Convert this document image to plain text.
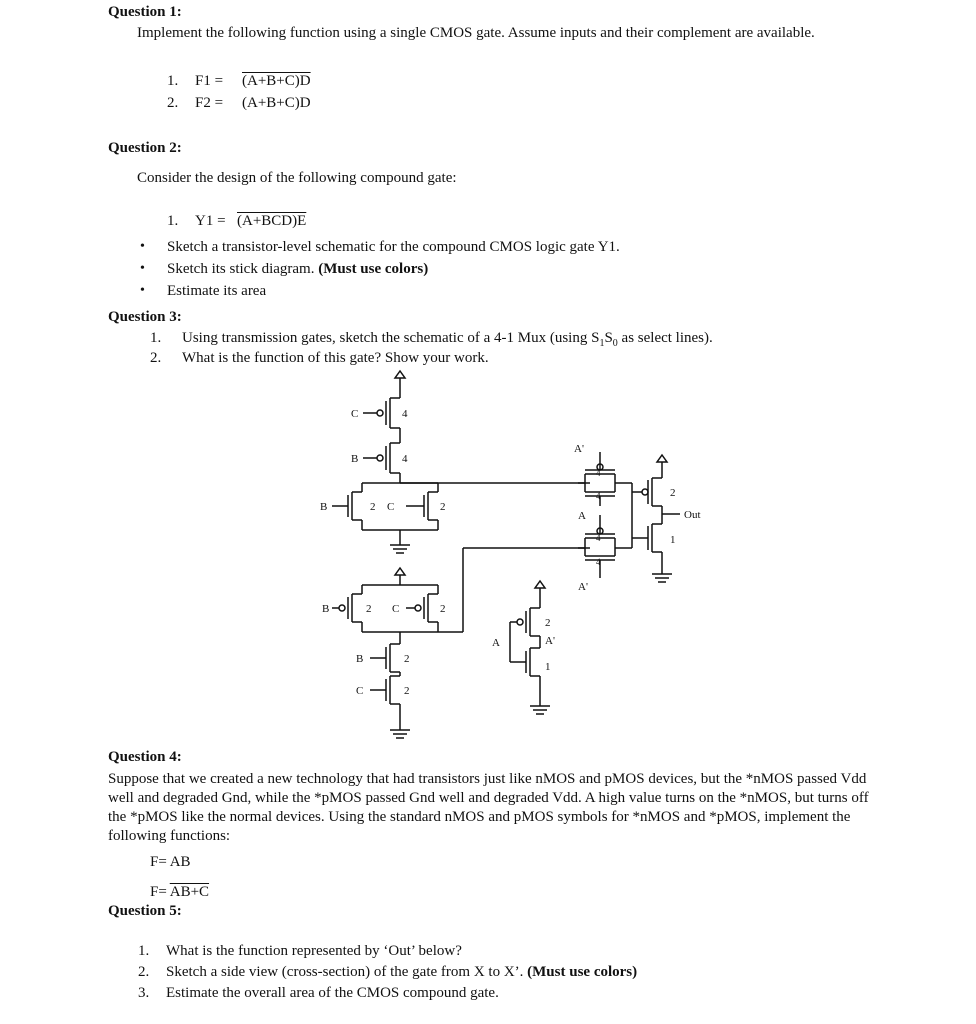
Question 1:
Implement the following function using a single CMOS gate. Assume inputs and their complement are available.
1. F1 = (A+B+C)D
2. F2 = (A+B+C)D
Question 2:
Consider the design of the following compound gate:
1. Y1 = (A+BCD)E
• Sketch a transistor-level schematic for the compound CMOS logic gate Y1.
• Sketch its stick diagram. (Must use colors)
• Estimate its area
Question 3:
1. Using transmission gates, sketch the schematic of a 4-1 Mux (using $S_1S_0$ as select lines).
2. What is the function of this gate? Show your work.
C	4
B	4
B	2 C	2
B	2 C	2
B	2
C	2
A
2
A'
1
A'
4
4
A
4
4
A'
2
1
Out
Question 4:
Suppose that we created a new technology that had transistors just like nMOS and pMOS devices, but the *nMOS passed Vdd well and degraded Gnd, while the *pMOS passed Gnd well and degraded Vdd. A high value turns on the *nMOS, but turns off the *pMOS like the normal devices. Using the standard nMOS and pMOS symbols for *nMOS and *pMOS, implement the following functions:
F= AB
F= AB+C
Question 5:
1. What is the function represented by ‘Out’ below?
2. Sketch a side view (cross-section) of the gate from X to X’. (Must use colors)
3. Estimate the overall area of the CMOS compound gate.
